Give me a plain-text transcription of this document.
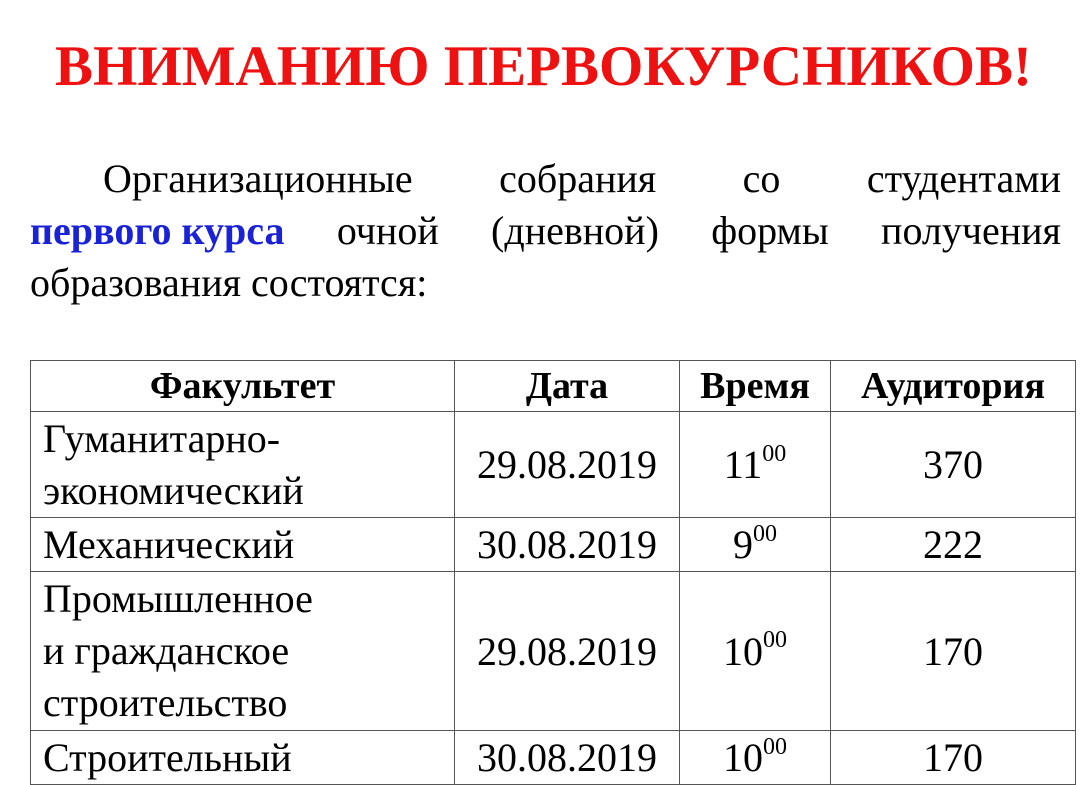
ВНИМАНИЮ ПЕРВОКУРСНИКОВ!
Организационные собрания со студентами
первого курса очной (дневной) формы получения
образования состоятся:
Факультет	Дата	Время	Аудитория

Гуманитарно-
экономический	29.08.2019	$11^{00}$	370

Механический	30.08.2019	$9^{00}$	222

Промышленное
и гражданское
строительство	29.08.2019	$10^{00}$	170

Строительный	30.08.2019	$10^{00}$	170
